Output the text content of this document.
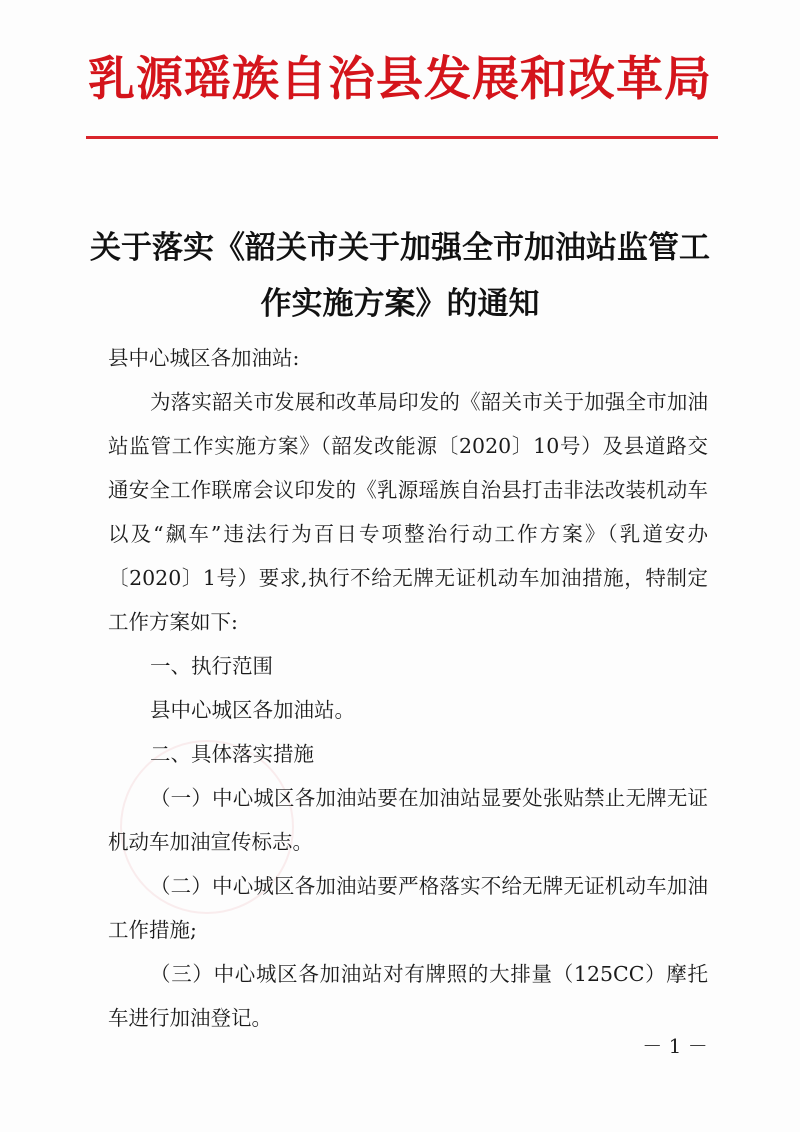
乳源瑶族自治县发展和改革局
关于落实《韶关市关于加强全市加油站监管工
作实施方案》的通知

县中心城区各加油站:

为落实韶关市发展和改革局印发的《韶关市关于加强全市加油站监管工作实施方案》（韶发改能源〔2020〕10号）及县道路交通安全工作联席会议印发的《乳源瑶族自治县打击非法改装机动车以及“飙车”违法行为百日专项整治行动工作方案》（乳道安办〔2020〕1号）要求,执行不给无牌无证机动车加油措施，特制定工作方案如下:

一、执行范围

县中心城区各加油站。

二、具体落实措施

（一）中心城区各加油站要在加油站显要处张贴禁止无牌无证机动车加油宣传标志。

（二）中心城区各加油站要严格落实不给无牌无证机动车加油工作措施;

（三）中心城区各加油站对有牌照的大排量（125CC）摩托车进行加油登记。

－ 1 －
